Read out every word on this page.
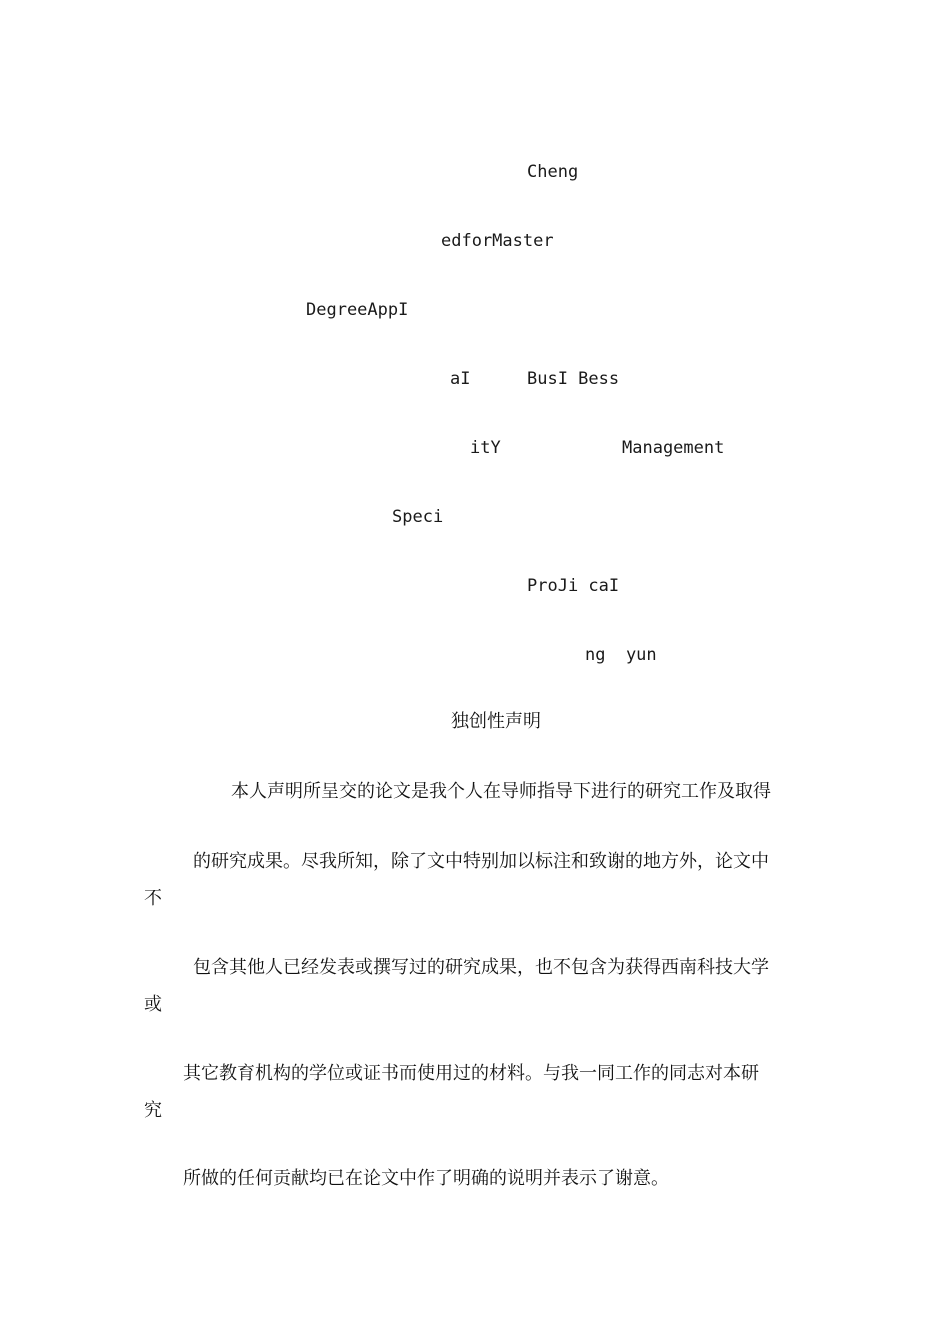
Cheng
edforMaster
DegreeAppI
aI	BusI Bess
itY	Management
Speci
ProJi caI
ng  yun
独创性声明
本人声明所呈交的论文是我个人在导师指导下进行的研究工作及取得
的研究成果。尽我所知，除了文中特别加以标注和致谢的地方外，论文中
不
包含其他人已经发表或撰写过的研究成果，也不包含为获得西南科技大学
或
其它教育机构的学位或证书而使用过的材料。与我一同工作的同志对本研
究
所做的任何贡献均已在论文中作了明确的说明并表示了谢意。
